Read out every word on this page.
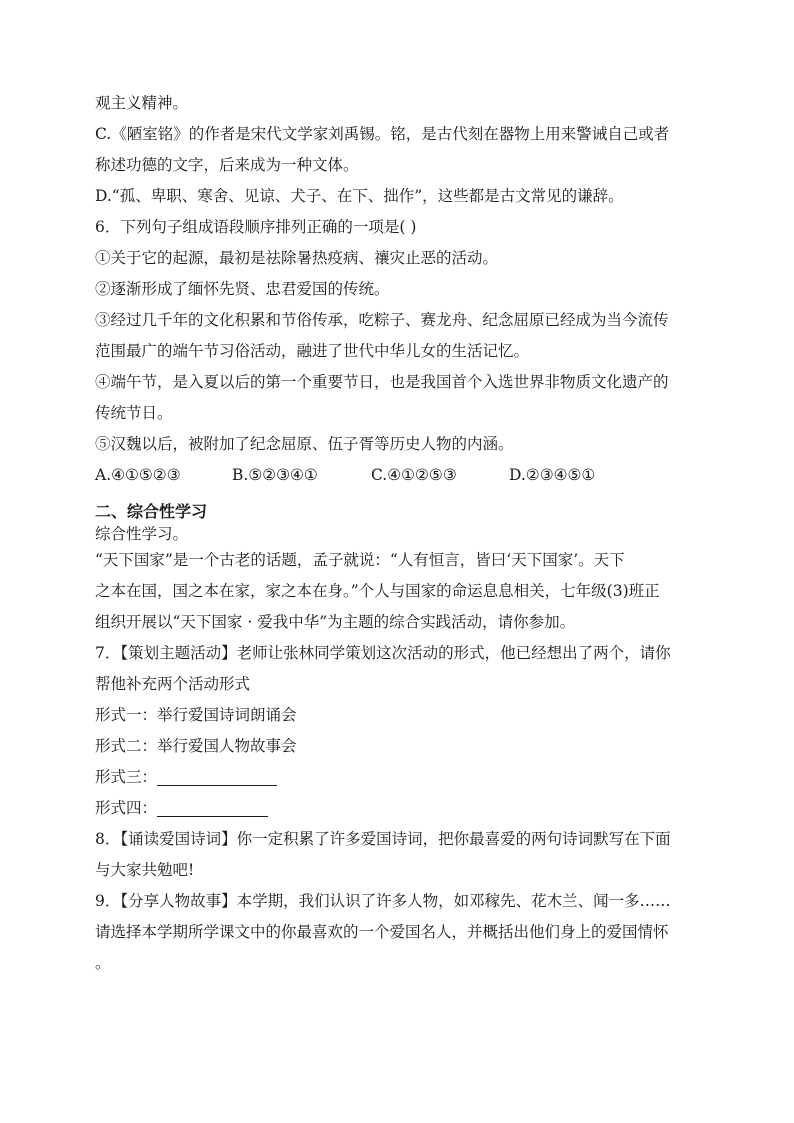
观主义精神。

C.《陋室铭》的作者是宋代文学家刘禹锡。铭，是古代刻在器物上用来警诫自己或者

称述功德的文字，后来成为一种文体。

D.“孤、卑职、寒舍、见谅、犬子、在下、拙作”，这些都是古文常见的谦辞。

6．下列句子组成语段顺序排列正确的一项是( )

①关于它的起源，最初是祛除暑热疫病、禳灾止恶的活动。

②逐渐形成了缅怀先贤、忠君爱国的传统。

③经过几千年的文化积累和节俗传承，吃粽子、赛龙舟、纪念屈原已经成为当今流传

范围最广的端午节习俗活动，融进了世代中华儿女的生活记忆。

④端午节，是入夏以后的第一个重要节日，也是我国首个入选世界非物质文化遗产的

传统节日。

⑤汉魏以后，被附加了纪念屈原、伍子胥等历史人物的内涵。

A.④①⑤②③	B.⑤②③④①	C.④①②⑤③	D.②③④⑤①
二、综合性学习

综合性学习。

“天下国家”是一个古老的话题，孟子就说：“人有恒言，皆曰‘天下国家’。天下

之本在国，国之本在家，家之本在身。”个人与国家的命运息息相关，七年级(3)班正

组织开展以“天下国家 · 爱我中华”为主题的综合实践活动，请你参加。

7．【策划主题活动】老师让张林同学策划这次活动的形式，他已经想出了两个，请你

帮他补充两个活动形式

形式一：举行爱国诗词朗诵会

形式二：举行爱国人物故事会

形式三：

形式四：

8．【诵读爱国诗词】你一定积累了许多爱国诗词，把你最喜爱的两句诗词默写在下面

与大家共勉吧!

9．【分享人物故事】本学期，我们认识了许多人物，如邓稼先、花木兰、闻一多……

请选择本学期所学课文中的你最喜欢的一个爱国名人，并概括出他们身上的爱国情怀

。
